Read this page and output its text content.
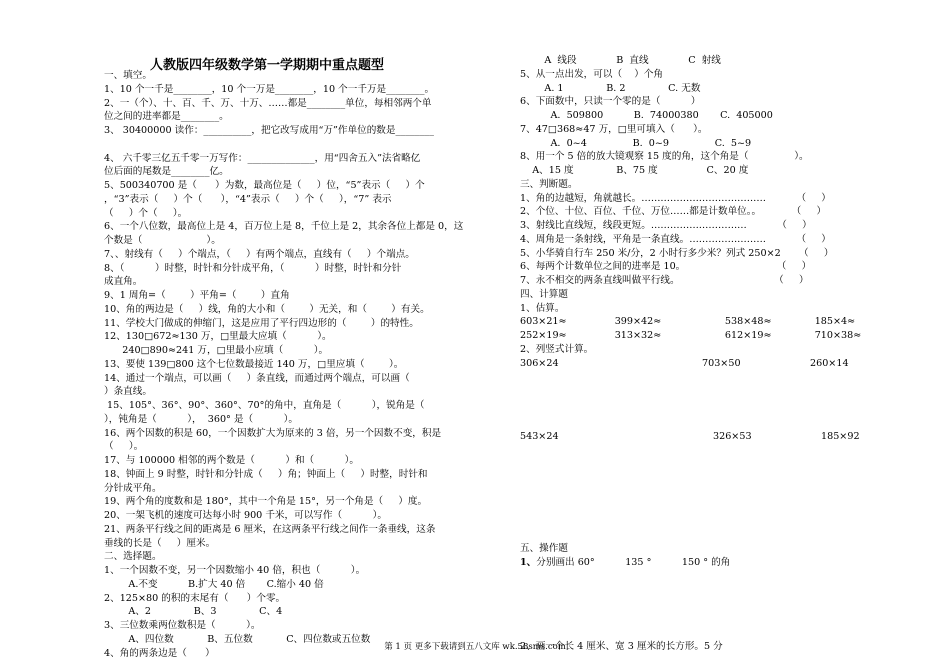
人教版四年级数学第一学期期中重点题型
一、填空。
1、10 个一千是________，10 个一万是________，10 个一千万是________。
2、一（个）、十、百、千、万、十万、……都是________单位，每相邻两个单
位之间的进率都是________。
3、 30400000 读作：__________，把它改写成用“万”作单位的数是________

4、 六千零三亿五千零一万写作：______________，用“四舍五入”法省略亿
位后面的尾数是________亿。
5、500340700 是（      ）为数，最高位是（     ）位，“5”表示（     ）个
，“3”表示（     ）个（      ），“4”表示（     ）个（     ），“7” 表示
（     ）个（     ）。
6、一个八位数，最高位上是 4，百万位上是 8，千位上是 2，其余各位上都是 0，这
个数是（                     ）。
7、、射线有（     ）个端点，（     ）有两个端点，直线有（     ）个端点。
8、（          ）时整，时针和分针成平角，（          ）时整，时针和分针
成直角。
9、1 周角=（        ）平角=（        ）直角
10、角的两边是（     ）线，角的大小和（        ）无关，和（        ）有关。
11、学校大门做成的伸缩门，这是应用了平行四边形的（        ）的特性。
12、130□672≈130 万，□里最大应填（          ）。
240□890≈241 万，□里最小应填（          ）。
13、要使 139□800 这个七位数最接近 140 万，□里应填（        ）。
14、通过一个端点，可以画（     ）条直线，而通过两个端点，可以画（
）条直线。
15、105°、36°、90°、360°、70°的角中，直角是（          ），锐角是（
），钝角是（          ），  360° 是（          ）。
16、两个因数的积是 60，一个因数扩大为原来的 3 倍，另一个因数不变，积是
（     ）。
17、与 100000 相邻的两个数是（          ）和（          ）。
18、钟面上 9 时整，时针和分针成（     ）角；钟面上（     ）时整，时针和
分针成平角。
19、两个角的度数和是 180°，其中一个角是 15°，另一个角是（     ）度。
20、一架飞机的速度可达每小时 900 千米，可以写作（          ）。
21、两条平行线之间的距离是 6 厘米，在这两条平行线之间作一条垂线，这条
垂线的长是（     ）厘米。
二、选择题。
1、一个因数不变，另一个因数缩小 40 倍，积也（          ）。
A.不变          B.扩大 40 倍       C.缩小 40 倍
2、125×80 的积的末尾有（      ）个零。
A、2              B、3              C、4
3、三位数乘两位数积是（          ）。
A、四位数           B、五位数           C、四位数或五位数
4、角的两条边是（      ）
A  线段             B  直线             C  射线
5、从一点出发，可以（    ）个角
A. 1              B. 2              C. 无数
6、下面数中，只读一个零的是（          ）
A.  509800          B.  74000380       C.  405000
7、47□368≈47 万，□里可填入（      ）。
A.  0~4               B.  0~9               C.  5~9
8、用一个 5 倍的放大镜观察 15 度的角，这个角是（               ）。
A、15 度              B、75 度                C、20 度
三、判断题。
1、角的边越短，角就越长。…………………………………          （     ）
2、个位、十位、百位、千位、万位……都是计数单位。。          （     ）
3、射线比直线短，线段更短。…………………………          （     ）
4、周角是一条射线，平角是一条直线。……………………          （     ）
5、小华骑自行车 250 米/分，2 小时行多少米？列式 250×2      （     ）
6、每两个计数单位之间的进率是 10。                              （     ）
7、永不相交的两条直线叫做平行线。                               （     ）
四、计算题
1、估算。
603×21≈	399×42≈	538×48≈	185×4≈
252×19≈	313×32≈	612×19≈	710×38≈
2、列竖式计算。
306×24	703×50	260×14
543×24	326×53	185×92
五、操作题
1、分别画出 60°          135 °          150 ° 的角
2、画一个长 4 厘米、宽 3 厘米的长方形。5 分
第 1 页 更多下载请到五八文库 wk.58sms.com
